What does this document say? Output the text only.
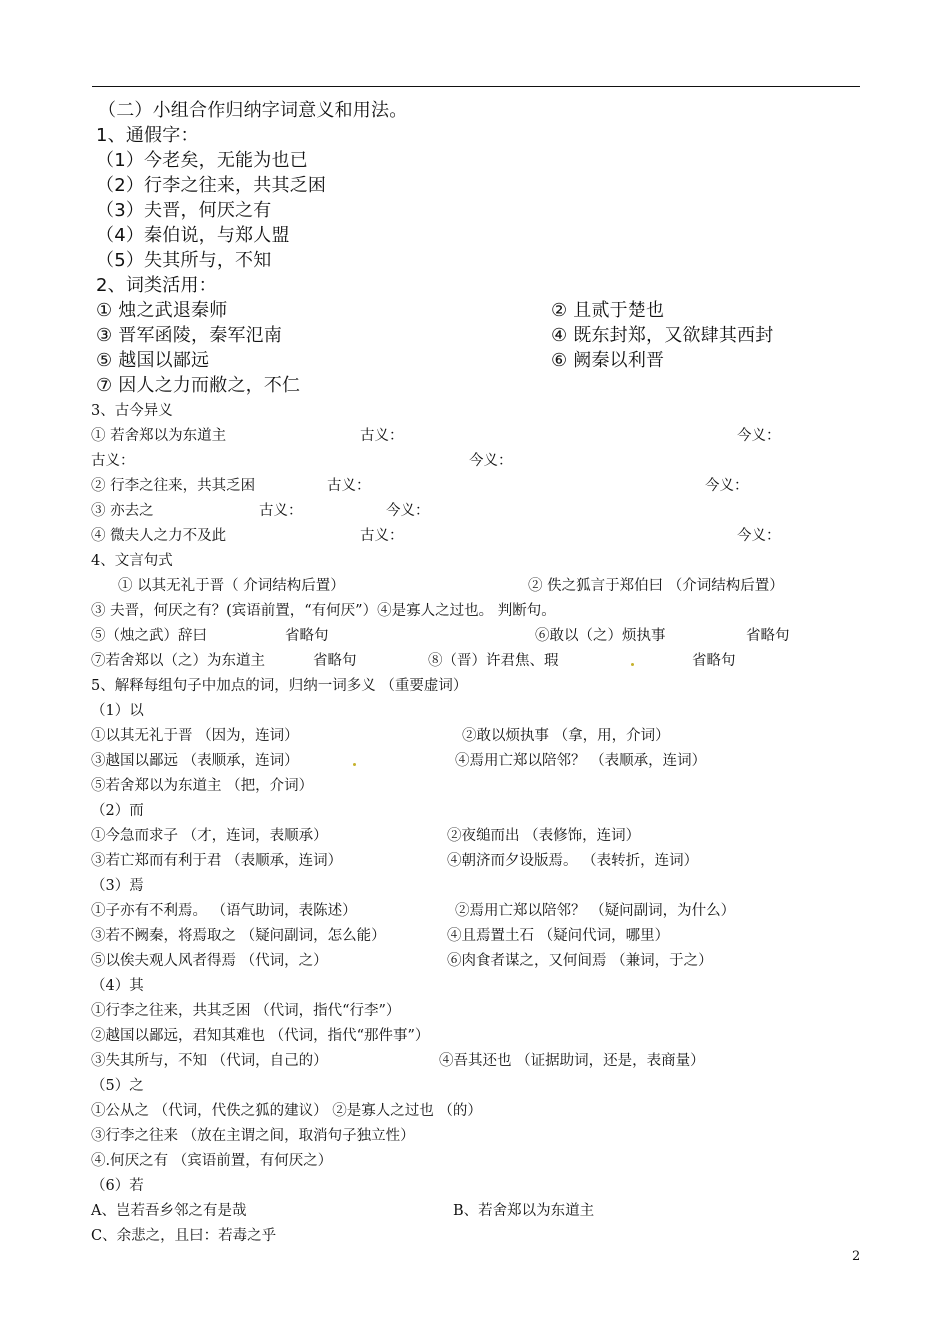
（二）小组合作归纳字词意义和用法。
1、通假字：
（1）今老矣，无能为也已
（2）行李之往来，共其乏困
（3）夫晋，何厌之有
（4）秦伯说，与郑人盟
（5）失其所与，不知
2、词类活用：
① 烛之武退秦师	② 且贰于楚也
③ 晋军函陵，秦军氾南	④ 既东封郑，又欲肆其西封
⑤ 越国以鄙远	⑥ 阙秦以利晋
⑦ 因人之力而敝之，不仁
3、古今异义
① 若舍郑以为东道主	古义：	今义：
古义：	今义：
② 行李之往来，共其乏困	古义：	今义：
③ 亦去之	古义：	今义：
④ 微夫人之力不及此	古义：	今义：
4、文言句式
① 以其无礼于晋（ 介词结构后置）	② 佚之狐言于郑伯曰 （介词结构后置）
③ 夫晋，何厌之有？(宾语前置，“有何厌”）④是寡人之过也。 判断句。
⑤（烛之武）辞曰	省略句	⑥敢以（之）烦执事	省略句
⑦若舍郑以（之）为东道主	省略句	⑧（晋）许君焦、瑕	省略句
5、解释每组句子中加点的词，归纳一词多义 （重要虚词）
（1）以
①以其无礼于晋 （因为，连词）	②敢以烦执事 （拿，用，介词）
③越国以鄙远 （表顺承，连词）	④焉用亡郑以陪邻？ （表顺承，连词）
⑤若舍郑以为东道主 （把，介词）
（2）而
①今急而求子 （才，连词，表顺承）	②夜缒而出 （表修饰，连词）
③若亡郑而有利于君 （表顺承，连词）	④朝济而夕设版焉。 （表转折，连词）
（3）焉
①子亦有不利焉。 （语气助词，表陈述）	②焉用亡郑以陪邻？ （疑问副词，为什么）
③若不阙秦，将焉取之 （疑问副词，怎么能）	④且焉置土石 （疑问代词，哪里）
⑤以俟夫观人风者得焉 （代词，之）	⑥肉食者谋之，又何间焉 （兼词，于之）
（4）其
①行李之往来，共其乏困 （代词，指代“行李”）
②越国以鄙远，君知其难也 （代词，指代“那件事”）
③失其所与，不知 （代词，自己的）	④吾其还也 （证据助词，还是，表商量）
（5）之
①公从之 （代词，代佚之狐的建议） ②是寡人之过也 （的）
③行李之往来 （放在主谓之间，取消句子独立性）
④.何厌之有 （宾语前置，有何厌之）
（6）若
A、岂若吾乡邻之有是哉	B、若舍郑以为东道主
C、余悲之，且曰：若毒之乎
2
